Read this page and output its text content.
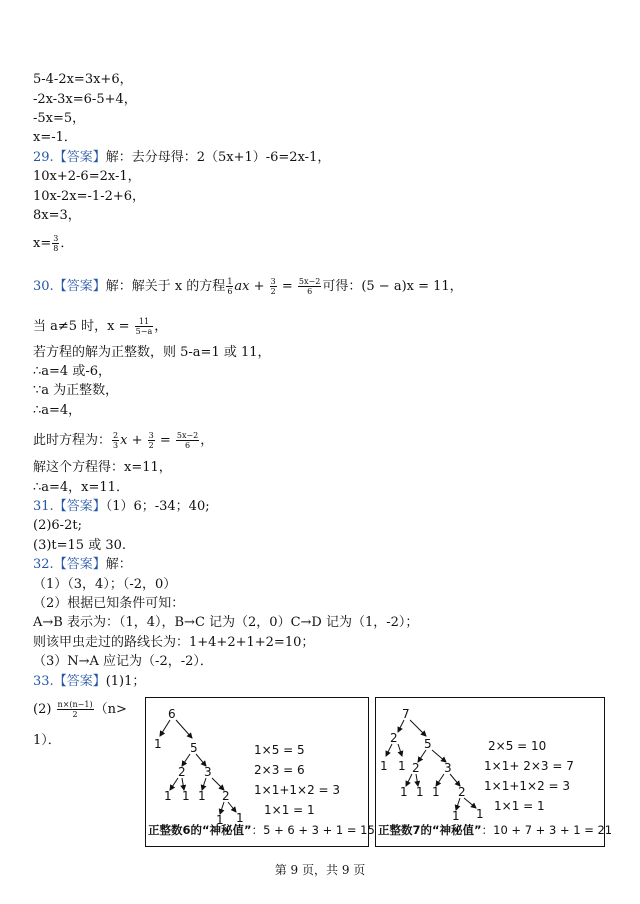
5-4-2x=3x+6，
-2x-3x=6-5+4，
-5x=5，
x=-1．
29.【答案】解：去分母得：2（5x+1）-6=2x-1，
10x+2-6=2x-1，
10x-2x=-1-2+6，
8x=3，
$x= \frac{3}{8}$ ．
30.【答案】解：解关于 x 的方程 $\frac{1}{6}$ ax + $\frac{3}{2} = \frac{5x-2}{6}$ 可得：(5 − a)x = 11，
当 a≠5 时，$x = \frac{11}{5-a}$ ，
若方程的解为正整数，则 5-a=1 或 11，
∴a=4 或-6，
∵a 为正整数，
∴a=4，
此时方程为： $\frac{2}{3}$ $x + \frac{3}{2} = \frac{5x-2}{6}$ ，
解这个方程得：x=11，
∴a=4，x=11．
31.【答案】（1）6；-34；40;
(2)6-2t;
(3)t=15 或 30.
32.【答案】解：
（1）（3，4）；（-2，0）
（2）根据已知条件可知：
A→B 表示为：（1，4），B→C 记为（2，0）C→D 记为（1，-2）；
则该甲虫走过的路线长为：1+4+2+1+2=10；
（3）N→A 应记为（-2，-2）．
33.【答案】(1)1；
$(2) \frac{n\times(n-1)}{2} (n>$
1）．
6
1 5
2 3
1 1 1 2
1 1
1×5 = 5
2×3 = 6
1×1+1×2 = 3
1×1 = 1
正整数6的“神秘值”：5 + 6 + 3 + 1 = 15
7
2 5
1 1 2 3
1 1 1 2
1 1
2×5 = 10
1×1+ 2×3 = 7
1×1+1×2 = 3
1×1 = 1
正整数7的“神秘值”：10 + 7 + 3 + 1 = 21
第 9 页，共 9 页
